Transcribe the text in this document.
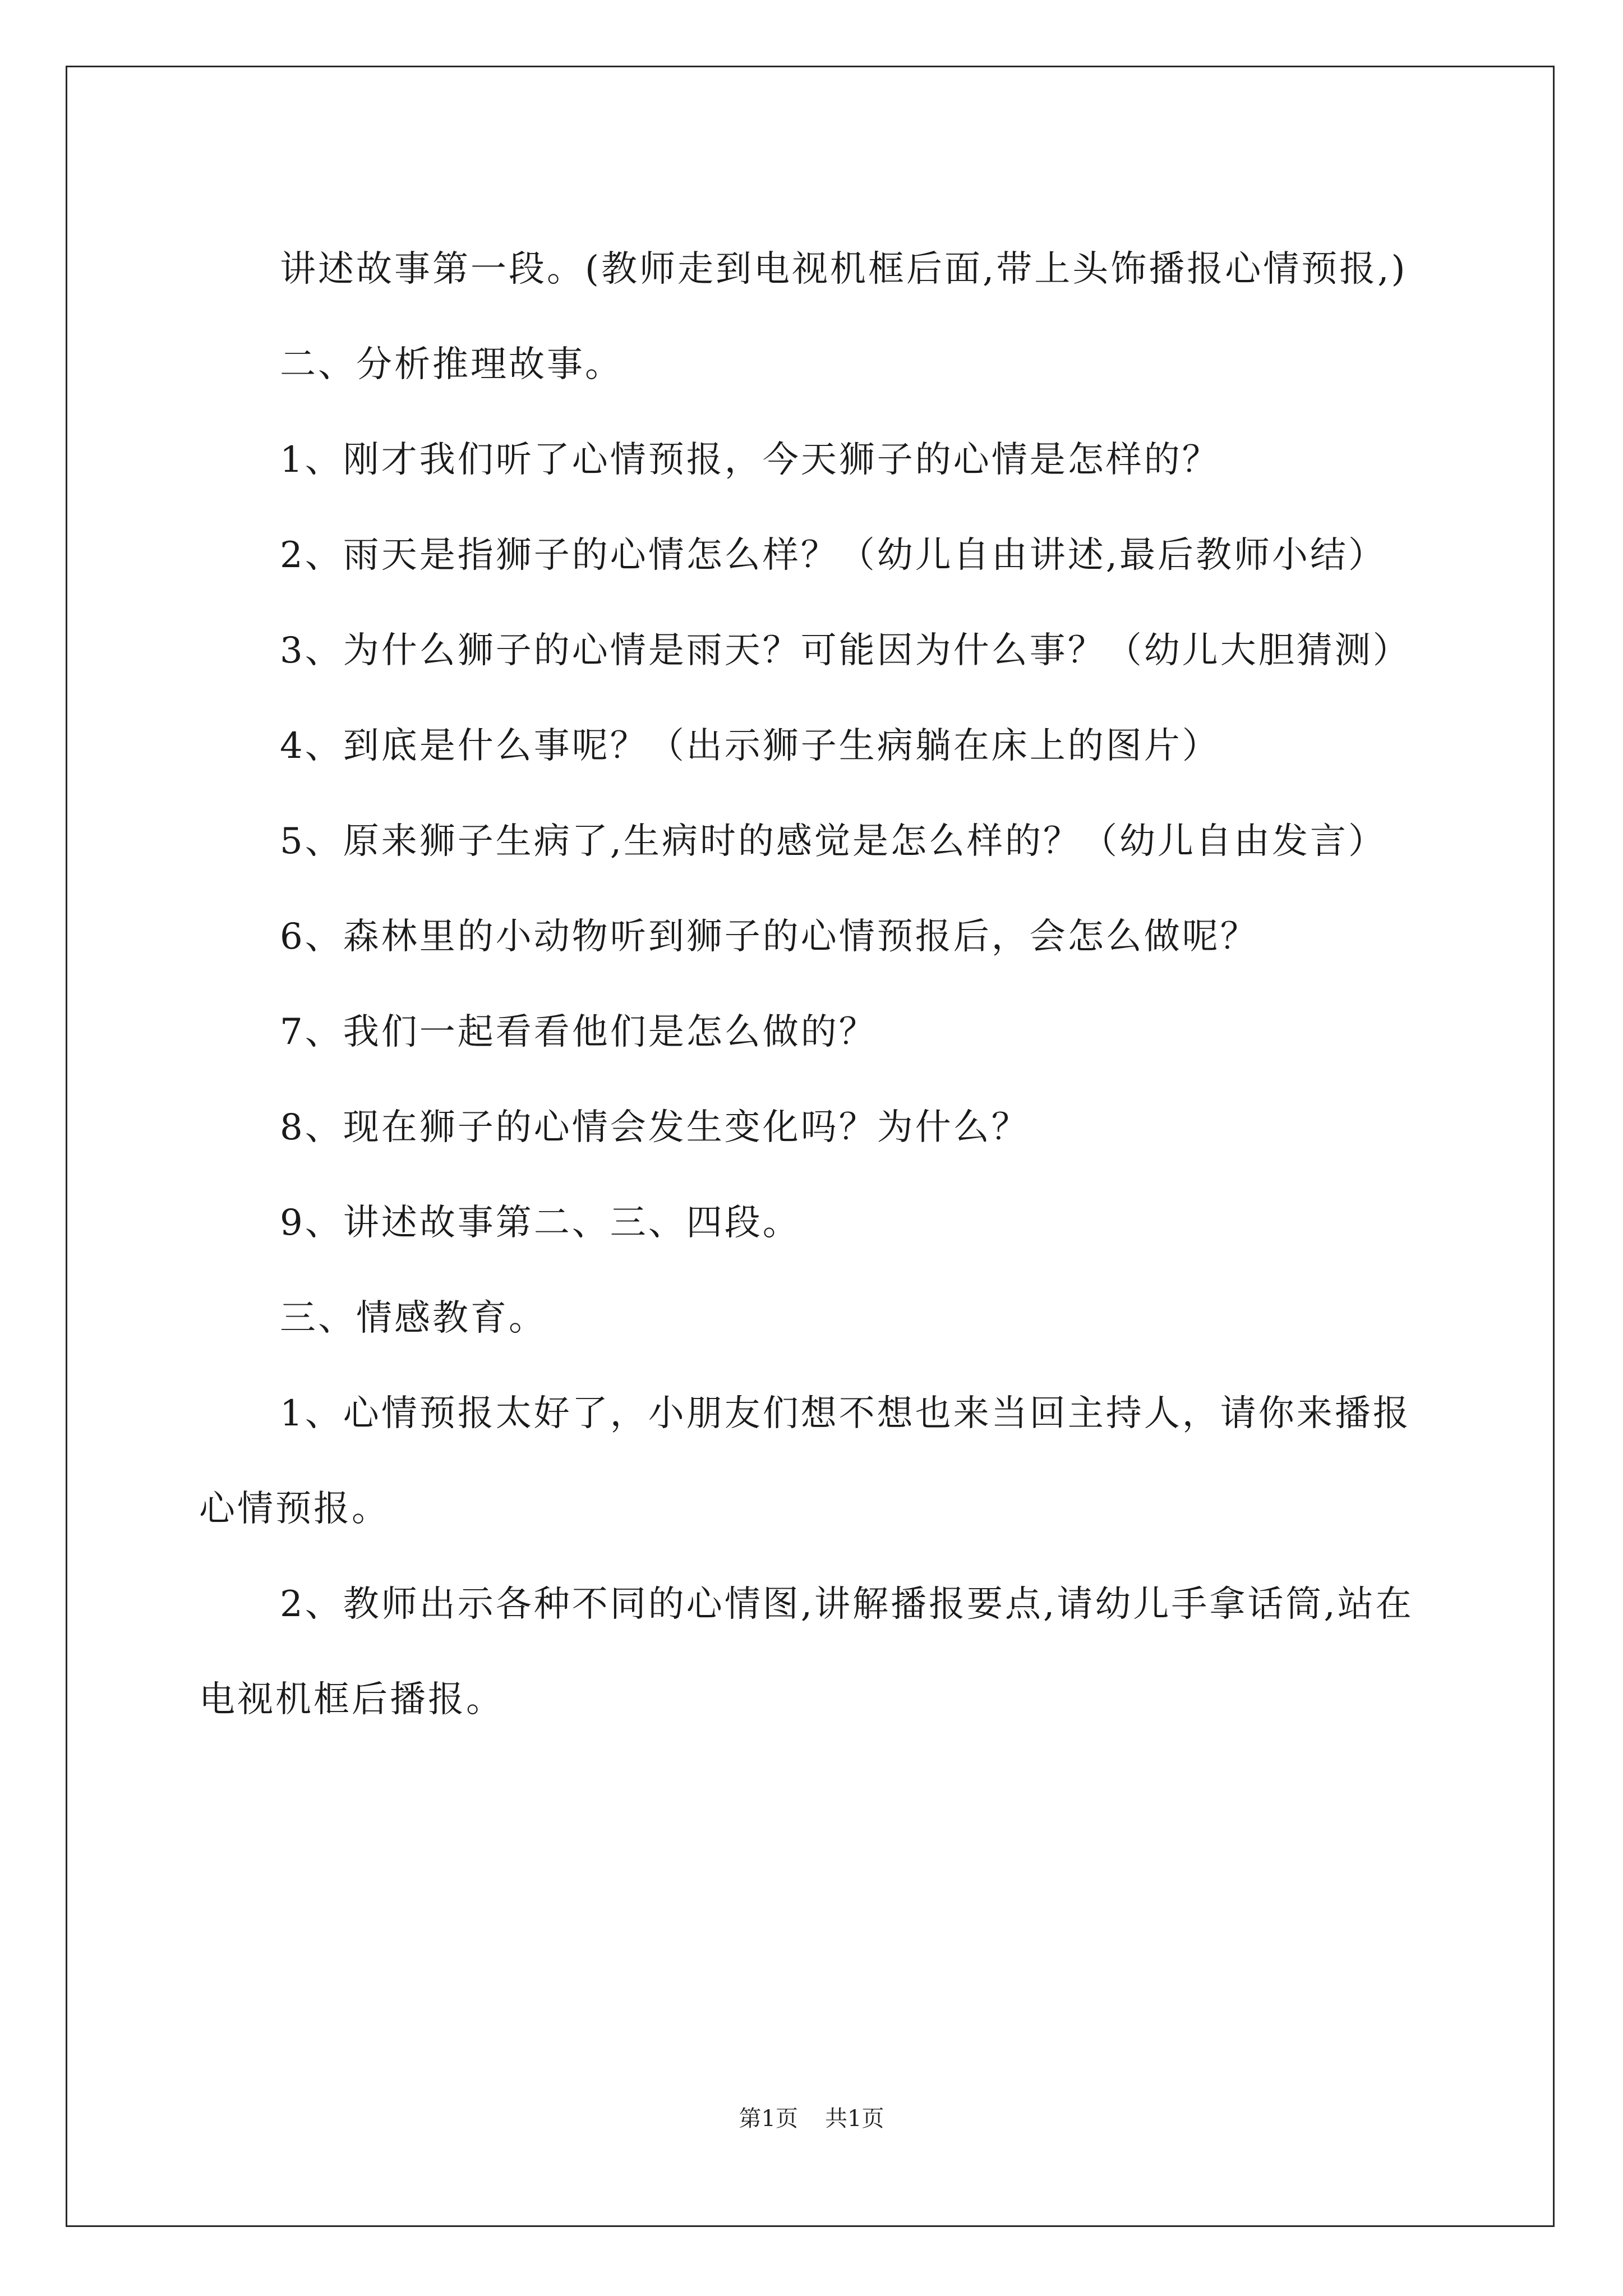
讲述故事第一段。(教师走到电视机框后面,带上头饰播报心情预报,)

二、分析推理故事。

1、刚才我们听了心情预报，今天狮子的心情是怎样的？

2、雨天是指狮子的心情怎么样？（幼儿自由讲述,最后教师小结）

3、为什么狮子的心情是雨天？可能因为什么事？（幼儿大胆猜测）

4、到底是什么事呢？（出示狮子生病躺在床上的图片）

5、原来狮子生病了,生病时的感觉是怎么样的？（幼儿自由发言）

6、森林里的小动物听到狮子的心情预报后，会怎么做呢？

7、我们一起看看他们是怎么做的？

8、现在狮子的心情会发生变化吗？为什么？

9、讲述故事第二、三、四段。

三、情感教育。

1、心情预报太好了，小朋友们想不想也来当回主持人，请你来播报心情预报。

2、教师出示各种不同的心情图,讲解播报要点,请幼儿手拿话筒,站在电视机框后播报。

第1页 共1页
